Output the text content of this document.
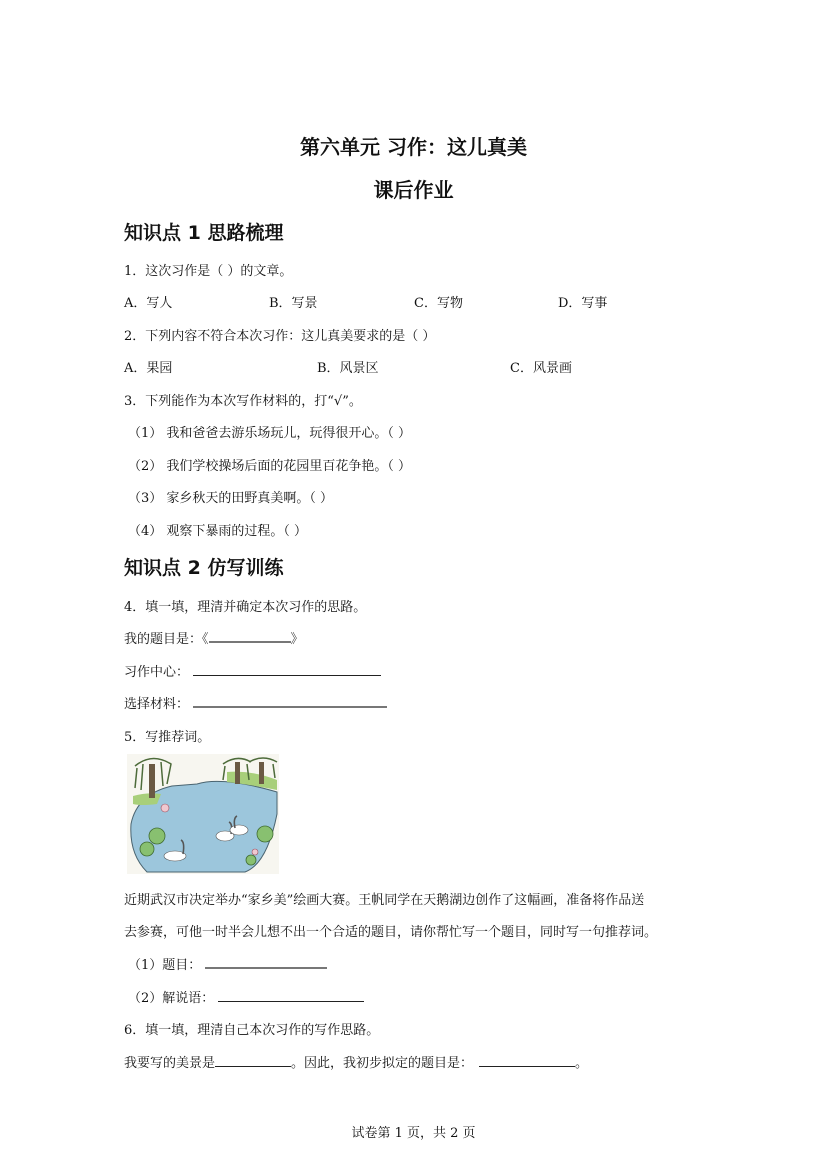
第六单元 习作：这儿真美
课后作业
知识点 1 思路梳理
1．这次习作是（ ）的文章。
A．写人	B．写景	C．写物	D．写事
2．下列内容不符合本次习作：这儿真美要求的是（ ）
A．果园	B．风景区	C．风景画
3．下列能作为本次写作材料的，打“√”。
（1） 我和爸爸去游乐场玩儿，玩得很开心。（ ）
（2） 我们学校操场后面的花园里百花争艳。（ ）
（3） 家乡秋天的田野真美啊。（ ）
（4） 观察下暴雨的过程。（ ）
知识点 2 仿写训练
4．填一填，理清并确定本次习作的思路。
我的题目是：《	》
习作中心：
选择材料：
5．写推荐词。
近期武汉市决定举办“家乡美”绘画大赛。王帆同学在天鹅湖边创作了这幅画，准备将作品送
去参赛，可他一时半会儿想不出一个合适的题目，请你帮忙写一个题目，同时写一句推荐词。
（1）题目：
（2）解说语：
6．填一填，理清自己本次习作的写作思路。
我要写的美景是	。因此，我初步拟定的题目是：	。
试卷第 1 页，共 2 页
